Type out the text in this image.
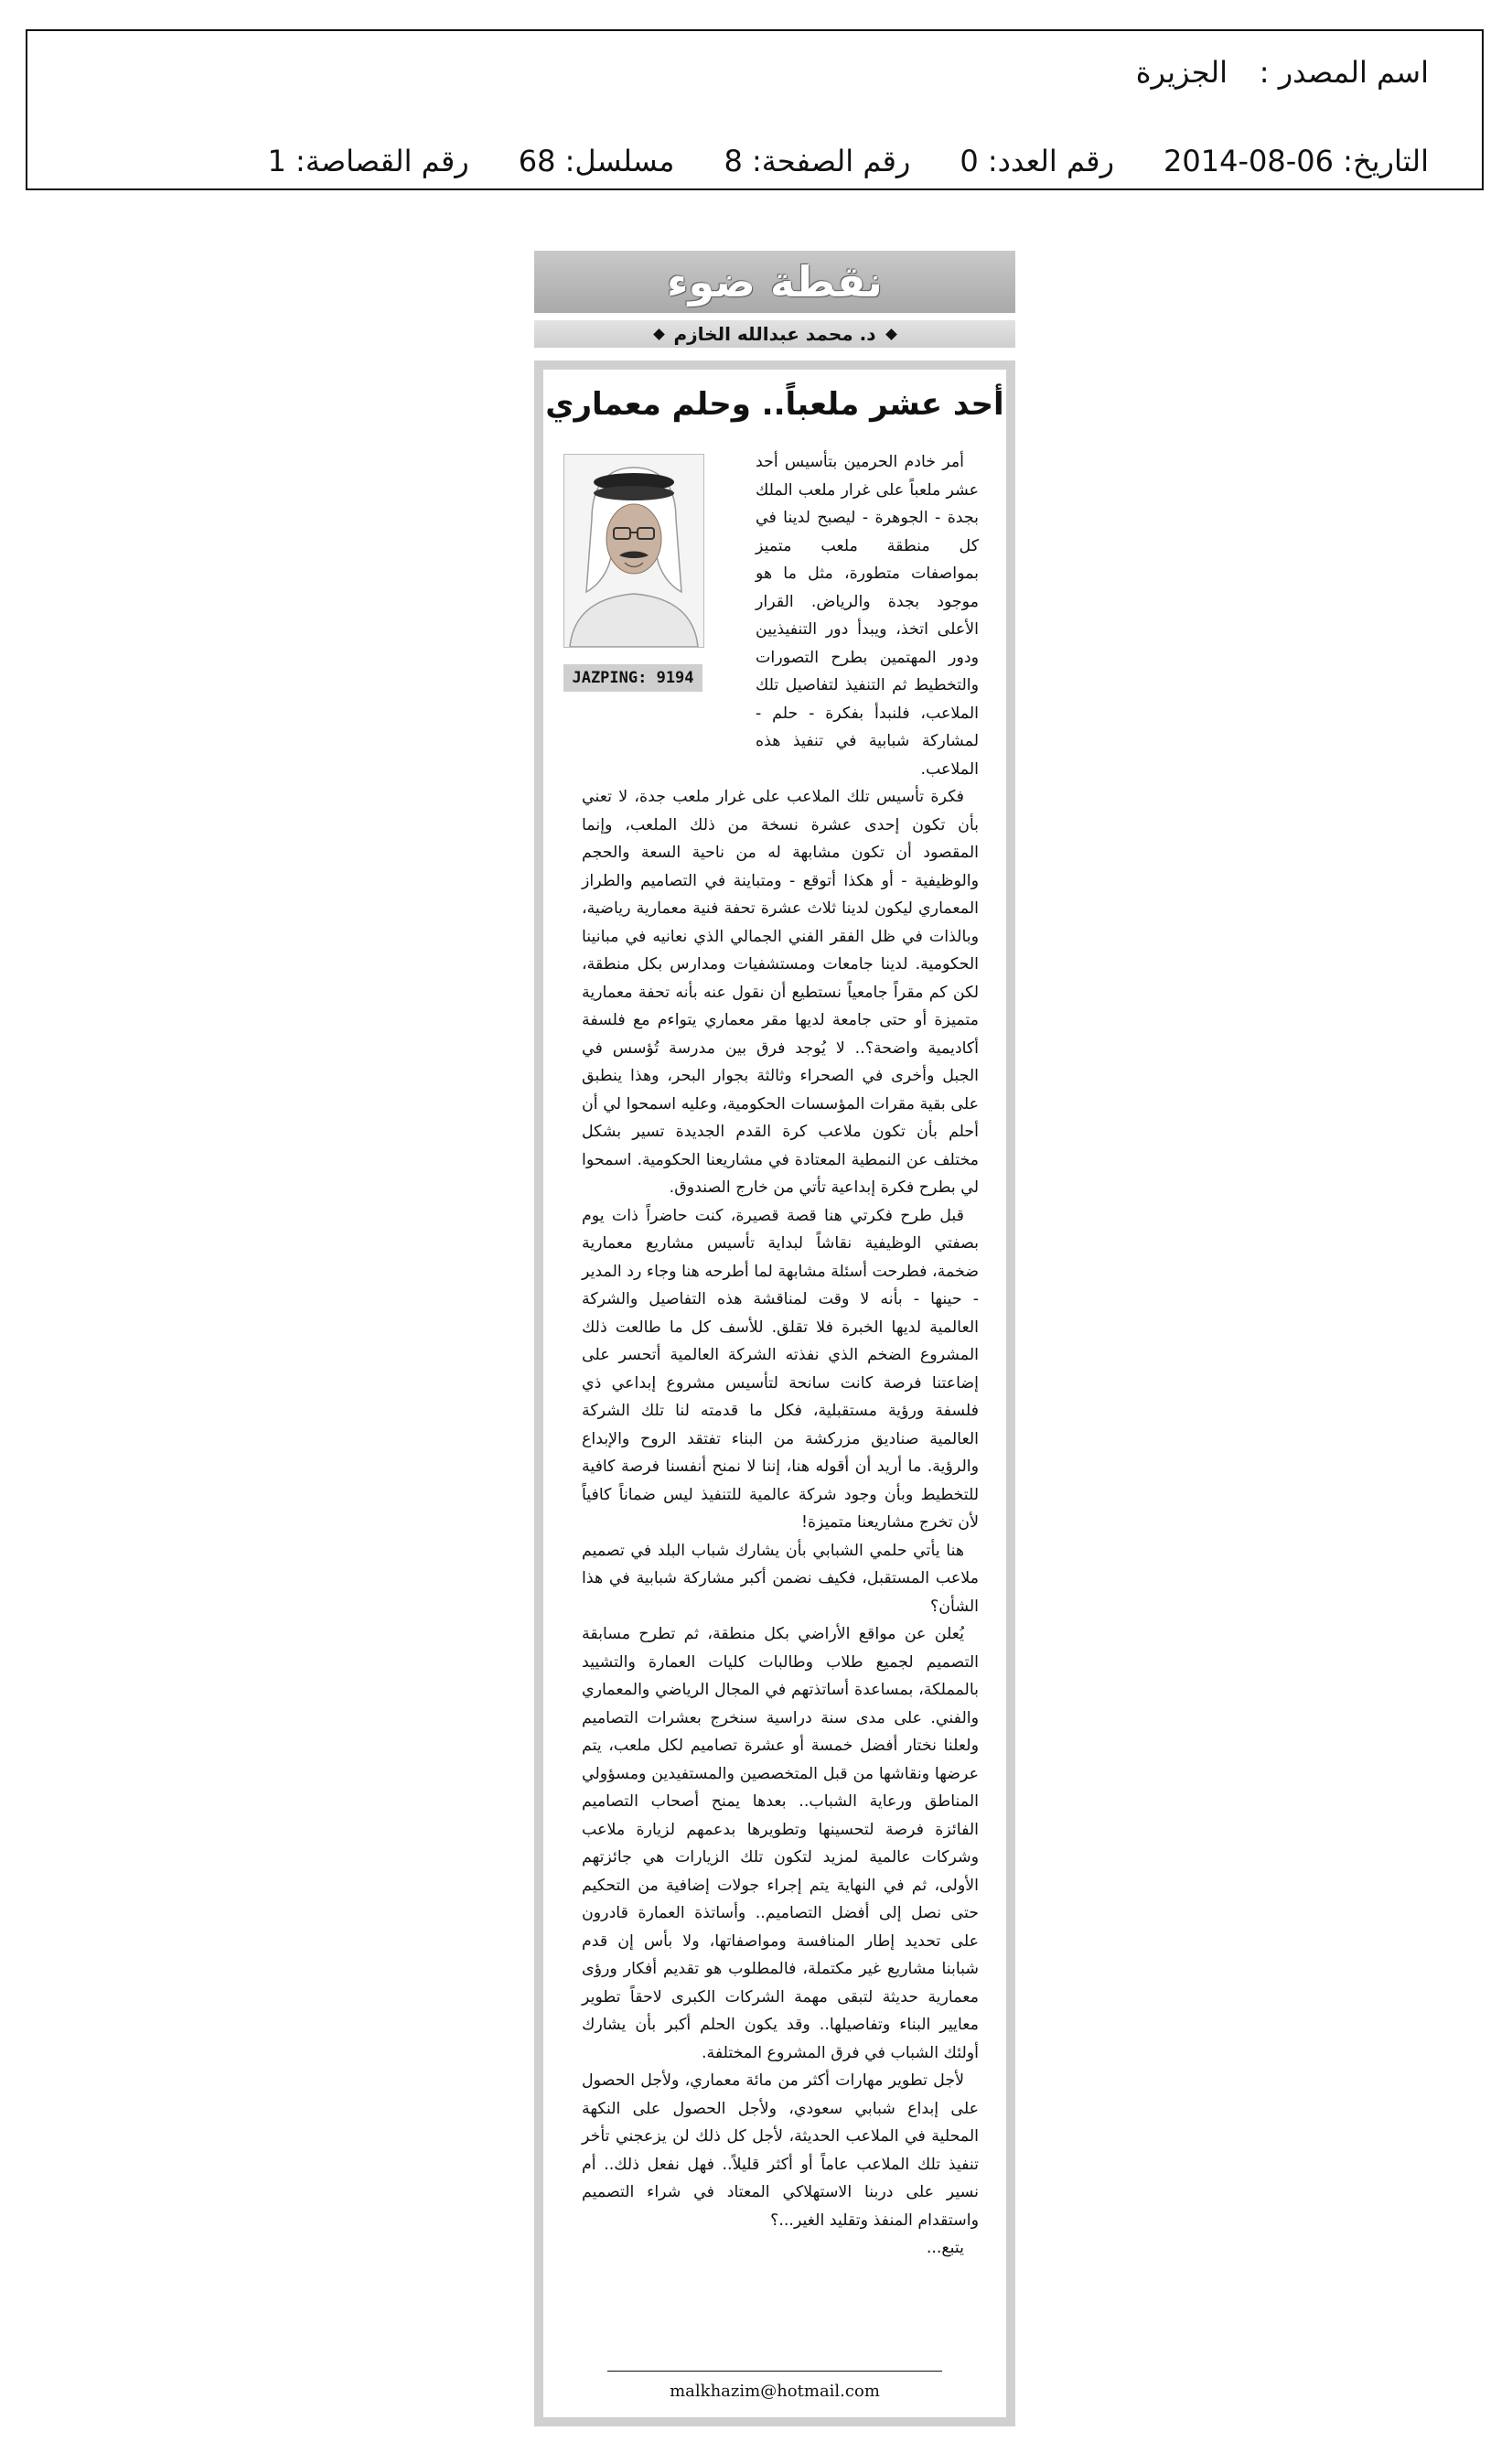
اسم المصدر :
الجزيرة
التاريخ: 2014-08-06
رقم العدد: 0
رقم الصفحة: 8
مسلسل: 68
رقم القصاصة: 1
نقطة ضوء
د. محمد عبدالله الخازم
أحد عشر ملعباً.. وحلم معماري
JAZPING: 9194

أمر خادم الحرمين بتأسيس أحد عشر ملعباً على غرار ملعب الملك بجدة - الجوهرة - ليصبح لدينا في كل منطقة ملعب متميز بمواصفات متطورة، مثل ما هو موجود بجدة والرياض. القرار الأعلى اتخذ، ويبدأ دور التنفيذيين ودور المهتمين بطرح التصورات والتخطيط ثم التنفيذ لتفاصيل تلك الملاعب، فلنبدأ بفكرة - حلم - لمشاركة شبابية في تنفيذ هذه الملاعب.

فكرة تأسيس تلك الملاعب على غرار ملعب جدة، لا تعني بأن تكون إحدى عشرة نسخة من ذلك الملعب، وإنما المقصود أن تكون مشابهة له من ناحية السعة والحجم والوظيفية - أو هكذا أتوقع - ومتباينة في التصاميم والطراز المعماري ليكون لدينا ثلاث عشرة تحفة فنية معمارية رياضية، وبالذات في ظل الفقر الفني الجمالي الذي نعانيه في مبانينا الحكومية. لدينا جامعات ومستشفيات ومدارس بكل منطقة، لكن كم مقراً جامعياً نستطيع أن نقول عنه بأنه تحفة معمارية متميزة أو حتى جامعة لديها مقر معماري يتواءم مع فلسفة أكاديمية واضحة؟.. لا يُوجد فرق بين مدرسة تُؤسس في الجبل وأخرى في الصحراء وثالثة بجوار البحر، وهذا ينطبق على بقية مقرات المؤسسات الحكومية، وعليه اسمحوا لي أن أحلم بأن تكون ملاعب كرة القدم الجديدة تسير بشكل مختلف عن النمطية المعتادة في مشاريعنا الحكومية. اسمحوا لي بطرح فكرة إبداعية تأتي من خارج الصندوق.

قبل طرح فكرتي هنا قصة قصيرة، كنت حاضراً ذات يوم بصفتي الوظيفية نقاشاً لبداية تأسيس مشاريع معمارية ضخمة، فطرحت أسئلة مشابهة لما أطرحه هنا وجاء رد المدير - حينها - بأنه لا وقت لمناقشة هذه التفاصيل والشركة العالمية لديها الخبرة فلا تقلق. للأسف كل ما طالعت ذلك المشروع الضخم الذي نفذته الشركة العالمية أتحسر على إضاعتنا فرصة كانت سانحة لتأسيس مشروع إبداعي ذي فلسفة ورؤية مستقبلية، فكل ما قدمته لنا تلك الشركة العالمية صناديق مزركشة من البناء تفتقد الروح والإبداع والرؤية. ما أريد أن أقوله هنا، إننا لا نمنح أنفسنا فرصة كافية للتخطيط وبأن وجود شركة عالمية للتنفيذ ليس ضماناً كافياً لأن تخرج مشاريعنا متميزة!

هنا يأتي حلمي الشبابي بأن يشارك شباب البلد في تصميم ملاعب المستقبل، فكيف نضمن أكبر مشاركة شبابية في هذا الشأن؟

يُعلن عن مواقع الأراضي بكل منطقة، ثم تطرح مسابقة التصميم لجميع طلاب وطالبات كليات العمارة والتشييد بالمملكة، بمساعدة أساتذتهم في المجال الرياضي والمعماري والفني. على مدى سنة دراسية سنخرج بعشرات التصاميم ولعلنا نختار أفضل خمسة أو عشرة تصاميم لكل ملعب، يتم عرضها ونقاشها من قبل المتخصصين والمستفيدين ومسؤولي المناطق ورعاية الشباب.. بعدها يمنح أصحاب التصاميم الفائزة فرصة لتحسينها وتطويرها بدعمهم لزيارة ملاعب وشركات عالمية لمزيد لتكون تلك الزيارات هي جائزتهم الأولى، ثم في النهاية يتم إجراء جولات إضافية من التحكيم حتى نصل إلى أفضل التصاميم.. وأساتذة العمارة قادرون على تحديد إطار المنافسة ومواصفاتها، ولا بأس إن قدم شبابنا مشاريع غير مكتملة، فالمطلوب هو تقديم أفكار ورؤى معمارية حديثة لتبقى مهمة الشركات الكبرى لاحقاً تطوير معايير البناء وتفاصيلها.. وقد يكون الحلم أكبر بأن يشارك أولئك الشباب في فرق المشروع المختلفة.

لأجل تطوير مهارات أكثر من مائة معماري، ولأجل الحصول على إبداع شبابي سعودي، ولأجل الحصول على النكهة المحلية في الملاعب الحديثة، لأجل كل ذلك لن يزعجني تأخر تنفيذ تلك الملاعب عاماً أو أكثر قليلاً.. فهل نفعل ذلك.. أم نسير على دربنا الاستهلاكي المعتاد في شراء التصميم واستقدام المنفذ وتقليد الغير...؟

يتبع...

malkhazim@hotmail.com
